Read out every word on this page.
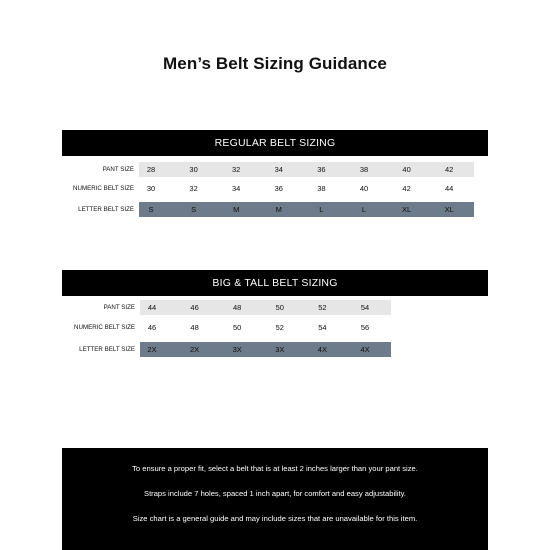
Men’s Belt Sizing Guidance
REGULAR BELT SIZING
PANT SIZE	28	30	32	34	36	38	40	42
NUMERIC BELT SIZE	30	32	34	36	38	40	42	44
LETTER BELT SIZE	S	S	M	M	L	L	XL	XL
BIG & TALL BELT SIZING
PANT SIZE	44	46	48	50	52	54
NUMERIC BELT SIZE	46	48	50	52	54	56
LETTER BELT SIZE	2X	2X	3X	3X	4X	4X

To ensure a proper fit, select a belt that is at least 2 inches larger than your pant size.

Straps include 7 holes, spaced 1 inch apart, for comfort and easy adjustability.

Size chart is a general guide and may include sizes that are unavailable for this item.
